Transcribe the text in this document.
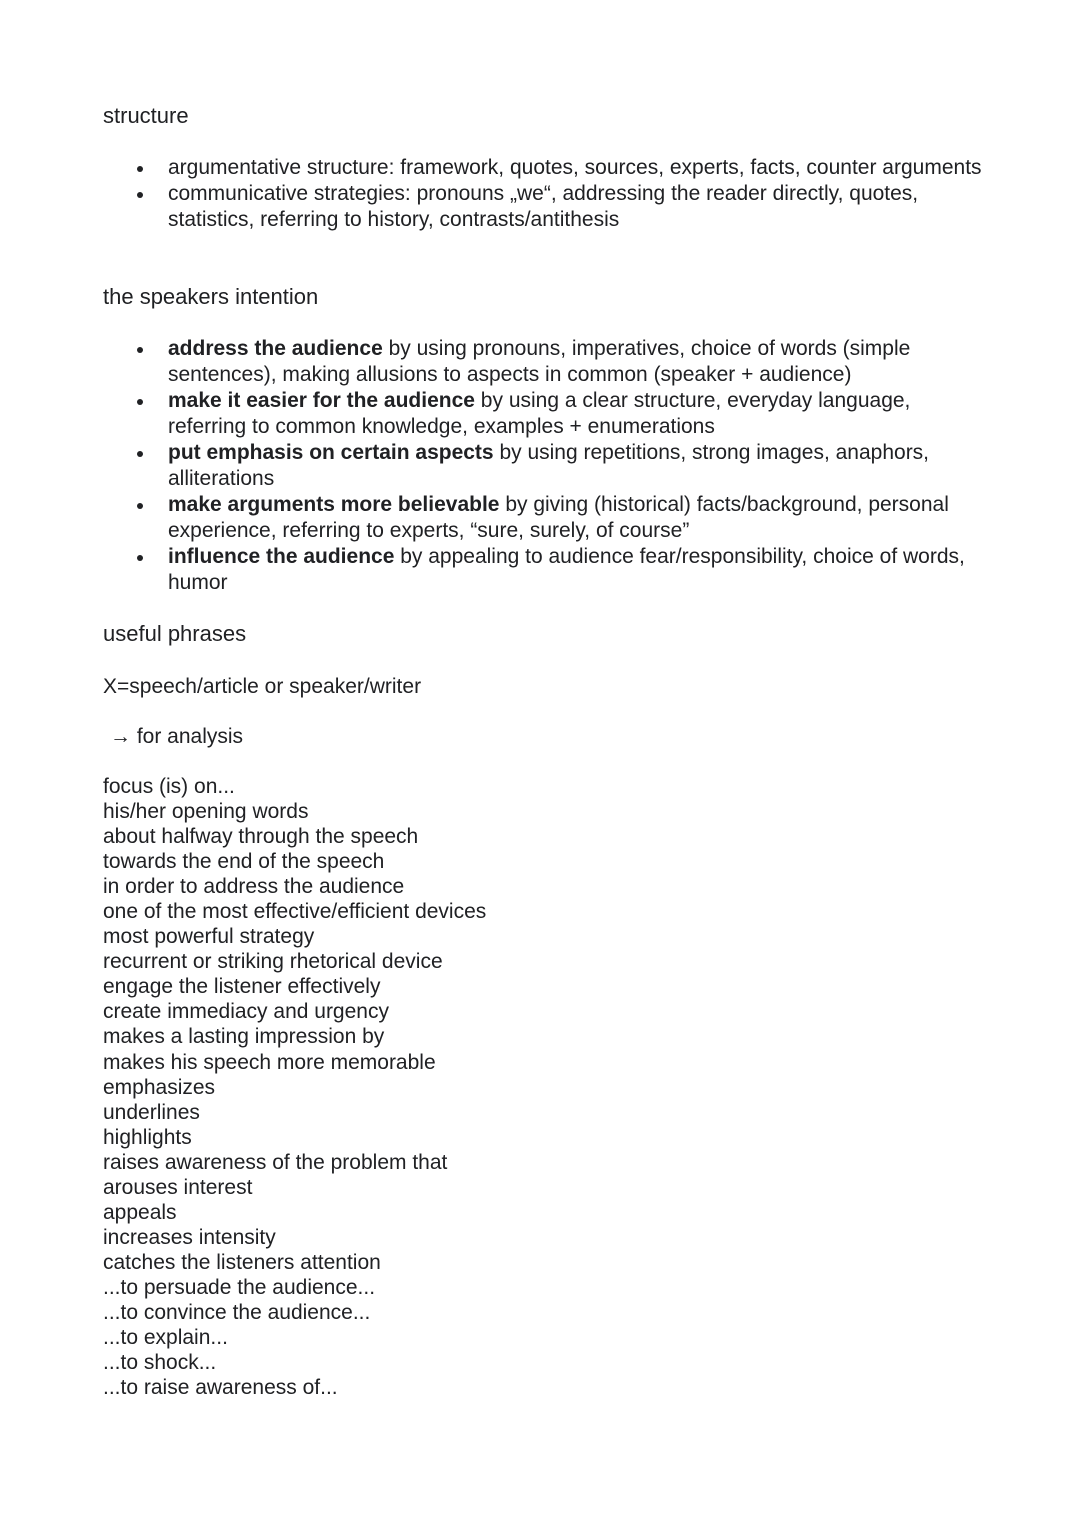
structure
argumentative structure: framework, quotes, sources, experts, facts, counter arguments
communicative strategies: pronouns „we“, addressing the reader directly, quotes, statistics, referring to history, contrasts/antithesis
the speakers intention
address the audience by using pronouns, imperatives, choice of words (simple sentences), making allusions to aspects in common (speaker + audience)
make it easier for the audience by using a clear structure, everyday language, referring to common knowledge, examples + enumerations
put emphasis on certain aspects by using repetitions, strong images, anaphors, alliterations
make arguments more believable by giving (historical) facts/background, personal experience, referring to experts, “sure, surely, of course”
influence the audience by appealing to audience fear/responsibility, choice of words, humor
useful phrases

X=speech/article or speaker/writer

→ for analysis

focus (is) on...
his/her opening words
about halfway through the speech
towards the end of the speech
in order to address the audience
one of the most effective/efficient devices
most powerful strategy
recurrent or striking rhetorical device
engage the listener effectively
create immediacy and urgency
makes a lasting impression by
makes his speech more memorable
emphasizes
underlines
highlights
raises awareness of the problem that
arouses interest
appeals
increases intensity
catches the listeners attention
...to persuade the audience...
...to convince the audience...
...to explain...
...to shock...
...to raise awareness of...
